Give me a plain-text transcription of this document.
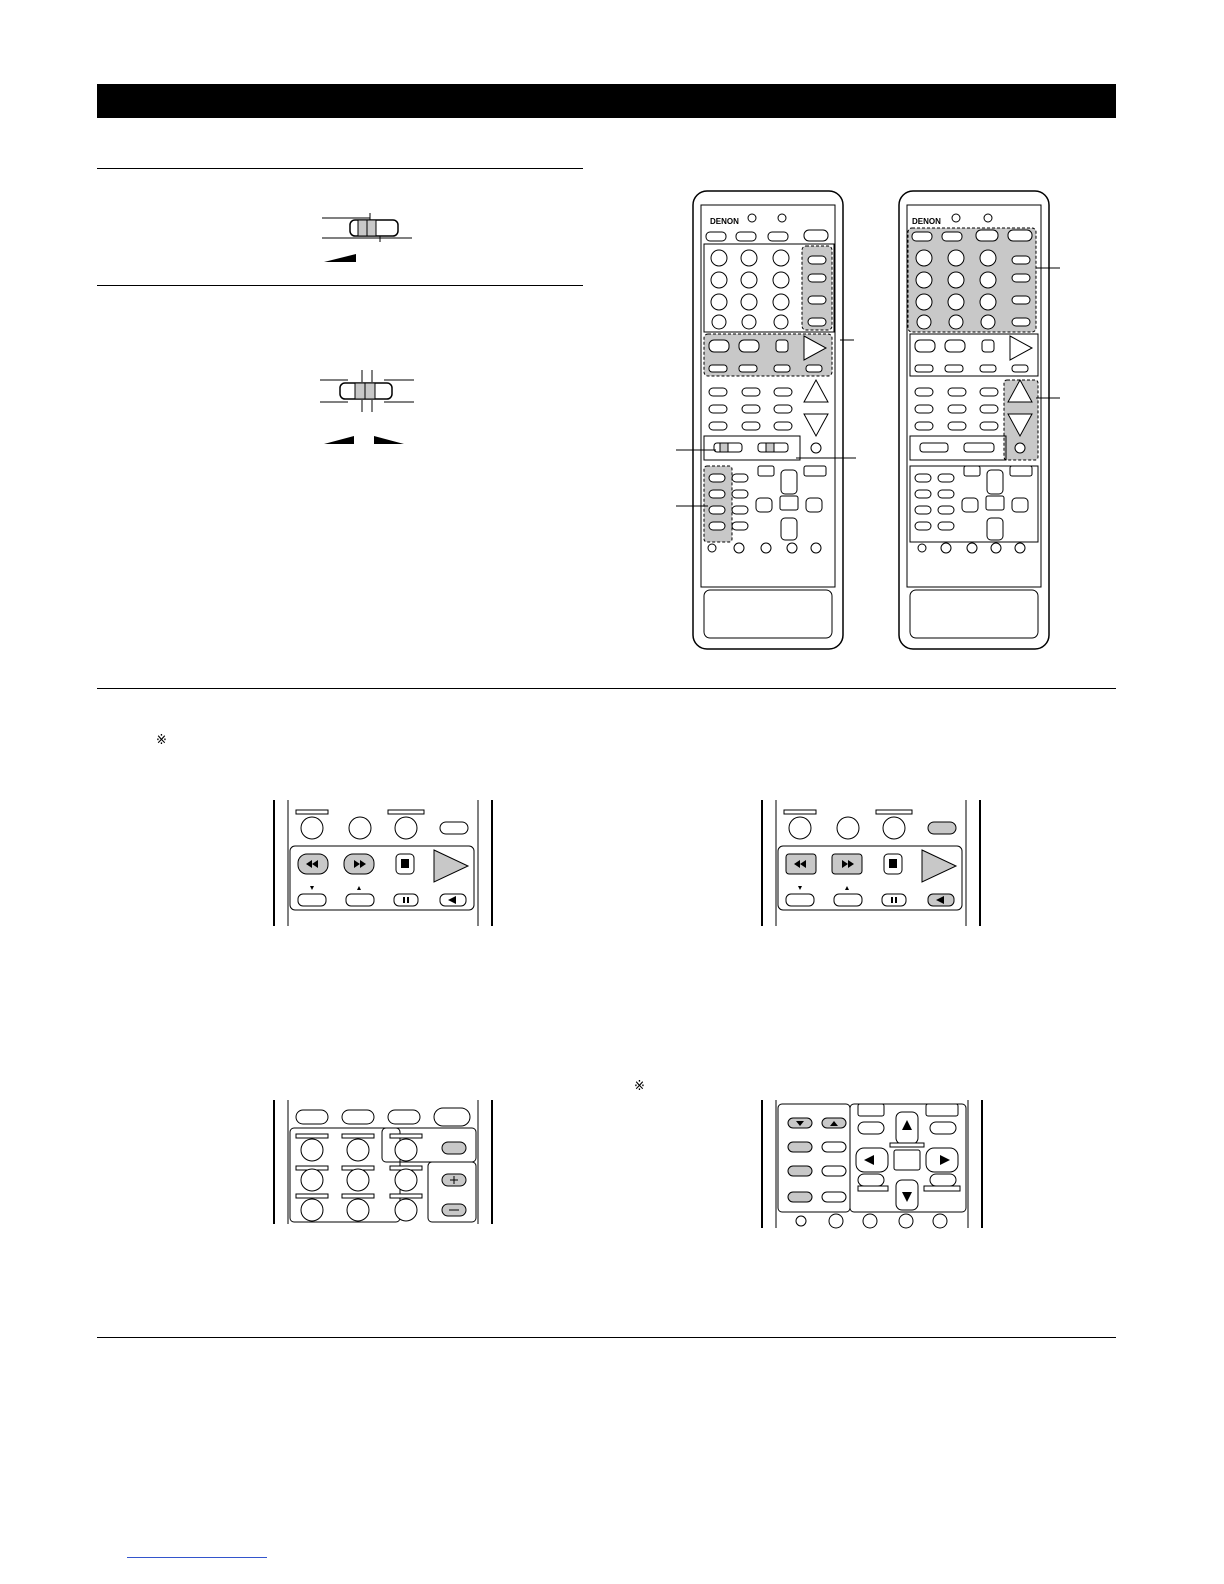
DENON	DENON
※
※
